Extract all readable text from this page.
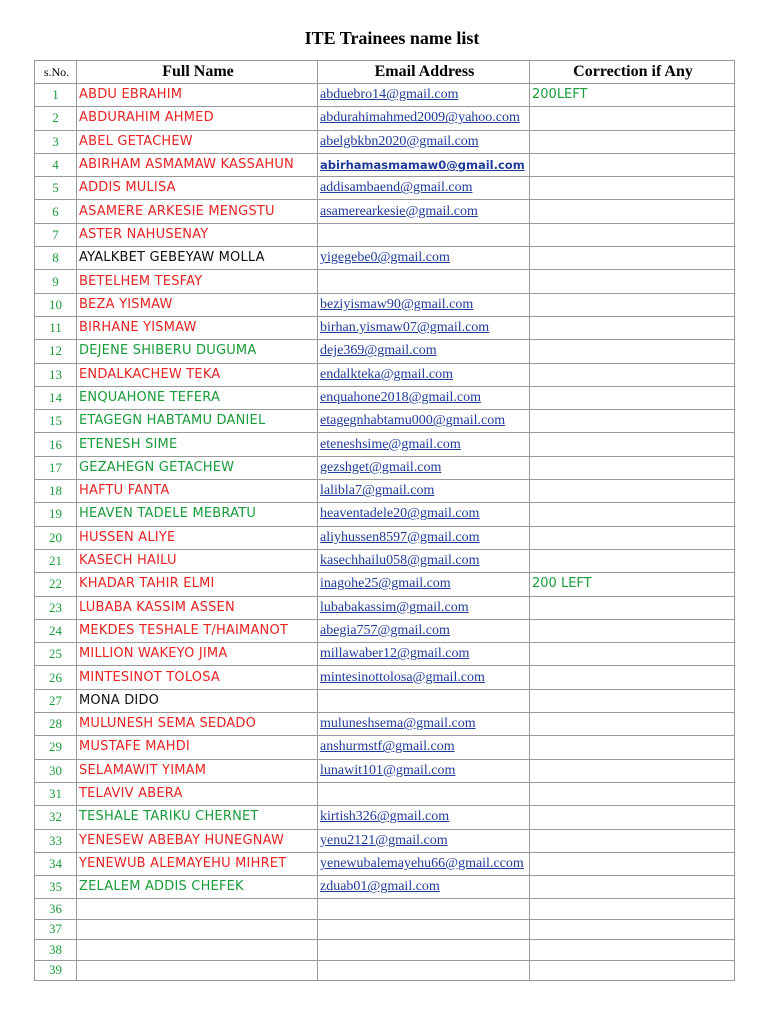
ITE Trainees name list
s.No.	Full Name	Email Address	Correction if Any
1	ABDU EBRAHIM	abduebro14@gmail.com	200LEFT
2	ABDURAHIM AHMED	abdurahimahmed2009@yahoo.com	
3	ABEL GETACHEW	abelgbkbn2020@gmail.com	
4	ABIRHAM ASMAMAW KASSAHUN	abirhamasmamaw0@gmail.com	
5	ADDIS MULISA	addisambaend@gmail.com	
6	ASAMERE ARKESIE MENGSTU	asamerearkesie@gmail.com	
7	ASTER NAHUSENAY		
8	AYALKBET GEBEYAW MOLLA	yigegebe0@gmail.com	
9	BETELHEM TESFAY		
10	BEZA YISMAW	beziyismaw90@gmail.com	
11	BIRHANE YISMAW	birhan.yismaw07@gmail.com	
12	DEJENE SHIBERU DUGUMA	deje369@gmail.com	
13	ENDALKACHEW TEKA	endalkteka@gmail.com	
14	ENQUAHONE TEFERA	enquahone2018@gmail.com	
15	ETAGEGN HABTAMU DANIEL	etagegnhabtamu000@gmail.com	
16	ETENESH SIME	eteneshsime@gmail.com	
17	GEZAHEGN GETACHEW	gezshget@gmail.com	
18	HAFTU FANTA	lalibla7@gmail.com	
19	HEAVEN TADELE MEBRATU	heaventadele20@gmail.com	
20	HUSSEN ALIYE	aliyhussen8597@gmail.com	
21	KASECH HAILU	kasechhailu058@gmail.com	
22	KHADAR TAHIR ELMI	inagohe25@gmail.com	200 LEFT
23	LUBABA KASSIM ASSEN	lubabakassim@gmail.com	
24	MEKDES TESHALE T/HAIMANOT	abegia757@gmail.com	
25	MILLION WAKEYO JIMA	millawaber12@gmail.com	
26	MINTESINOT TOLOSA	mintesinottolosa@gmail.com	
27	MONA DIDO		
28	MULUNESH SEMA SEDADO	muluneshsema@gmail.com	
29	MUSTAFE MAHDI	anshurmstf@gmail.com	
30	SELAMAWIT YIMAM	lunawit101@gmail.com	
31	TELAVIV ABERA		
32	TESHALE TARIKU CHERNET	kirtish326@gmail.com	
33	YENESEW ABEBAY HUNEGNAW	yenu2121@gmail.com	
34	YENEWUB ALEMAYEHU MIHRET	yenewubalemayehu66@gmail.ccom	
35	ZELALEM ADDIS CHEFEK	zduab01@gmail.com	
36			
37			
38			
39			
